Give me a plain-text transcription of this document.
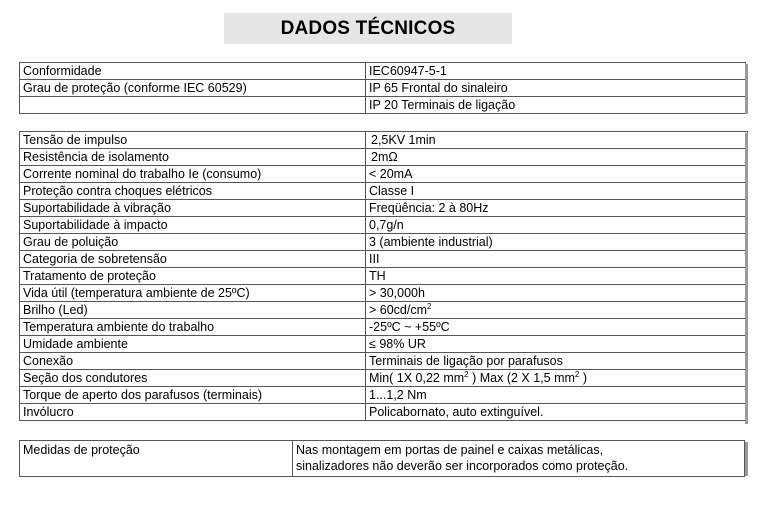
DADOS TÉCNICOS
Conformidade	IEC60947-5-1
Grau de proteção (conforme IEC 60529)	IP 65 Frontal do sinaleiro
	IP 20 Terminais de ligação
Tensão de impulso	2,5KV 1min
Resistência de isolamento	2mΩ
Corrente nominal do trabalho Ie (consumo)	< 20mA
Proteção contra choques elétricos	Classe I
Suportabilidade à vibração	Freqüência: 2 à 80Hz
Suportabilidade à impacto	0,7g/n
Grau de poluição	3 (ambiente industrial)
Categoria de sobretensão	III
Tratamento de proteção	TH
Vida útil (temperatura ambiente de 25ºC)	> 30,000h
Brilho (Led)	> $60cd/cm^2$
Temperatura ambiente do trabalho	-25ºC ~ +55ºC
Umidade ambiente	≤ 98% UR
Conexão	Terminais de ligação por parafusos
Seção dos condutores	Min( 1X 0,22 $mm^2$ ) Max (2 X 1,5 $mm^2$ )
Torque de aperto dos parafusos (terminais)	1...1,2 Nm
Invólucro	Policabornato, auto extinguível.
Medidas de proteção	Nas montagem em portas de painel e caixas metálicas,
sinalizadores não deverão ser incorporados como proteção.
